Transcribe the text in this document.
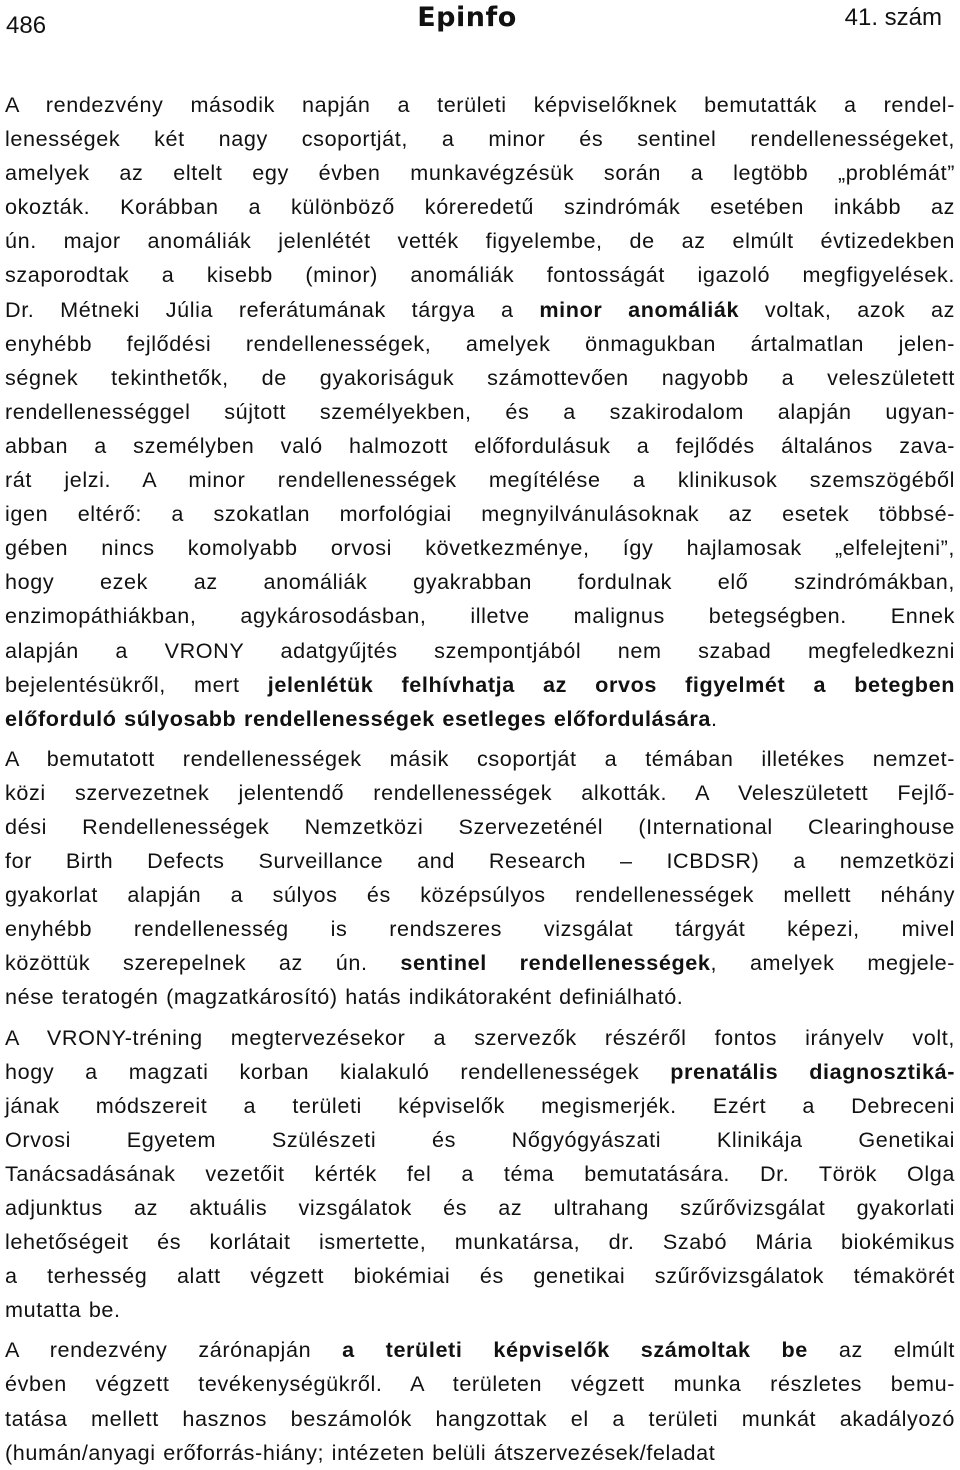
486	Epinfo	41. szám
A rendezvény második napján a területi képviselőknek bemutatták a rendel-
lenességek két nagy csoportját, a minor és sentinel rendellenességeket,
amelyek az eltelt egy évben munkavégzésük során a legtöbb „problémát”
okozták. Korábban a különböző kóreredetű szindrómák esetében inkább az
ún. major anomáliák jelenlétét vették figyelembe, de az elmúlt évtizedekben
szaporodtak a kisebb (minor) anomáliák fontosságát igazoló megfigyelések.
Dr. Métneki Júlia referátumának tárgya a minor anomáliák voltak, azok az
enyhébb fejlődési rendellenességek, amelyek önmagukban ártalmatlan jelen-
ségnek tekinthetők, de gyakoriságuk számottevően nagyobb a veleszületett
rendellenességgel sújtott személyekben, és a szakirodalom alapján ugyan-
abban a személyben való halmozott előfordulásuk a fejlődés általános zava-
rát jelzi. A minor rendellenességek megítélése a klinikusok szemszögéből
igen eltérő: a szokatlan morfológiai megnyilvánulásoknak az esetek többsé-
gében nincs komolyabb orvosi következménye, így hajlamosak „elfelejteni”,
hogy ezek az anomáliák gyakrabban fordulnak elő szindrómákban,
enzimopáthiákban, agykárosodásban, illetve malignus betegségben. Ennek
alapján a VRONY adatgyűjtés szempontjából nem szabad megfeledkezni
bejelentésükről, mert jelenlétük felhívhatja az orvos figyelmét a betegben
előforduló súlyosabb rendellenességek esetleges előfordulására.
A bemutatott rendellenességek másik csoportját a témában illetékes nemzet-
közi szervezetnek jelentendő rendellenességek alkották. A Veleszületett Fejlő-
dési Rendellenességek Nemzetközi Szervezeténél (International Clearinghouse
for Birth Defects Surveillance and Research – ICBDSR) a nemzetközi
gyakorlat alapján a súlyos és középsúlyos rendellenességek mellett néhány
enyhébb rendellenesség is rendszeres vizsgálat tárgyát képezi, mivel
közöttük szerepelnek az ún. sentinel rendellenességek, amelyek megjele-
nése teratogén (magzatkárosító) hatás indikátoraként definiálható.
A VRONY-tréning megtervezésekor a szervezők részéről fontos irányelv volt,
hogy a magzati korban kialakuló rendellenességek prenatális diagnosztiká-
jának módszereit a területi képviselők megismerjék. Ezért a Debreceni
Orvosi Egyetem Szülészeti és Nőgyógyászati Klinikája Genetikai
Tanácsadásának vezetőit kérték fel a téma bemutatására. Dr. Török Olga
adjunktus az aktuális vizsgálatok és az ultrahang szűrővizsgálat gyakorlati
lehetőségeit és korlátait ismertette, munkatársa, dr. Szabó Mária biokémikus
a terhesség alatt végzett biokémiai és genetikai szűrővizsgálatok témakörét
mutatta be.
A rendezvény zárónapján a területi képviselők számoltak be az elmúlt
évben végzett tevékenységükről. A területen végzett munka részletes bemu-
tatása mellett hasznos beszámolók hangzottak el a területi munkát akadályozó
(humán/anyagi erőforrás-hiány; intézeten belüli átszervezések/feladat
